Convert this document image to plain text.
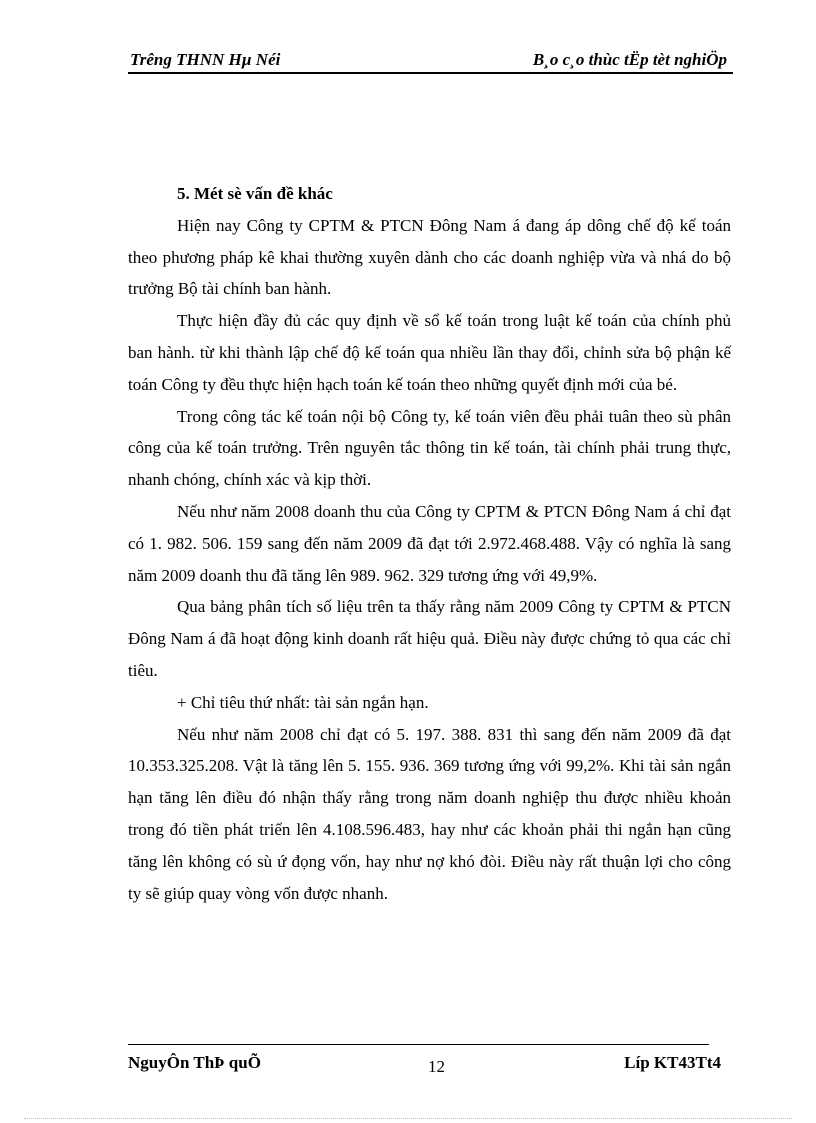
Trêng THNN Hµ Néi	B¸o c¸o thùc tËp tèt nghiÖp

5. Mét sè vấn đề khác

Hiện nay Công ty CPTM & PTCN Đông Nam á đang áp dông chế độ kế toán theo phương pháp kê khai thường xuyên dành cho các doanh nghiệp vừa và nhá do bộ trưởng Bộ tài chính ban hành.

Thực hiện đầy đủ các quy định về sổ kế toán trong luật kế toán của chính phủ ban hành. từ khi thành lập chế độ kế toán qua nhiều lần thay đổi, chỉnh sửa bộ phận kế toán Công ty đều thực hiện hạch toán kế toán theo những quyết định mới của bé.

Trong công tác kế toán nội bộ Công ty, kế toán viên đều phải tuân theo sù phân công của kế toán trưởng. Trên nguyên tắc thông tin kế toán, tài chính phải trung thực, nhanh chóng, chính xác và kịp thời.

Nếu như năm 2008 doanh thu của Công ty CPTM & PTCN Đông Nam á chỉ đạt có 1. 982. 506. 159 sang đến năm 2009 đã đạt tới 2.972.468.488. Vậy có nghĩa là sang năm 2009 doanh thu đã tăng lên 989. 962. 329 tương ứng với 49,9%.

Qua bảng phân tích số liệu trên ta thấy rằng năm 2009 Công ty CPTM & PTCN Đông Nam á đã hoạt động kinh doanh rất hiệu quả. Điều này được chứng tỏ qua các chỉ tiêu.

+ Chỉ tiêu thứ nhất: tài sản ngắn hạn.

Nếu như năm 2008 chỉ đạt có 5. 197. 388. 831 thì sang đến năm 2009 đã đạt 10.353.325.208. Vật là tăng lên 5. 155. 936. 369 tương ứng với 99,2%. Khi tài sản ngắn hạn tăng lên điều đó nhận thấy rằng trong năm doanh nghiệp thu được nhiều khoản trong đó tiền phát triển lên 4.108.596.483, hay như các khoản phải thi ngắn hạn cũng tăng lên không có sù ứ đọng vốn, hay như nợ khó đòi. Điều này rất thuận lợi cho công ty sẽ giúp quay vòng vốn được nhanh.

NguyÔn ThÞ quÕ	12	Líp KT43Tt4
